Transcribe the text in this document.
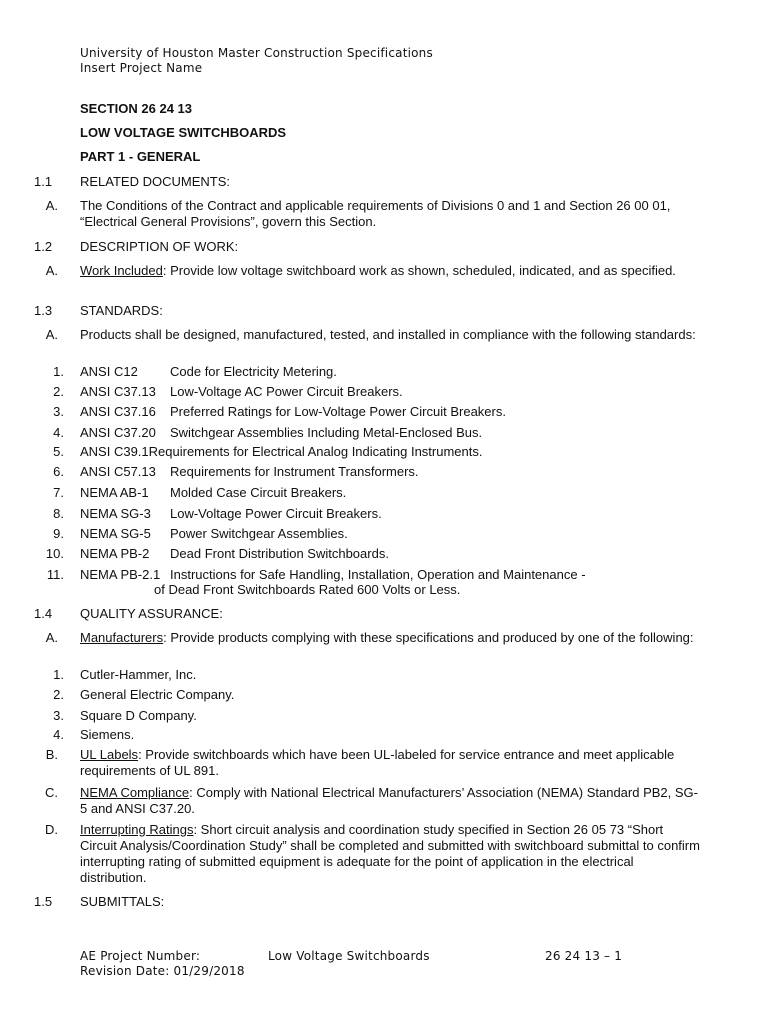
University of Houston Master Construction Specifications
Insert Project Name
SECTION 26 24 13
LOW VOLTAGE SWITCHBOARDS
PART 1 - GENERAL
1.1 RELATED DOCUMENTS:
A. The Conditions of the Contract and applicable requirements of Divisions 0 and 1 and Section 26 00 01, “Electrical General Provisions”, govern this Section.
1.2 DESCRIPTION OF WORK:
A. Work Included: Provide low voltage switchboard work as shown, scheduled, indicated, and as specified.
1.3 STANDARDS:
A. Products shall be designed, manufactured, tested, and installed in compliance with the following standards:
1. ANSI C12 Code for Electricity Metering.
2. ANSI C37.13 Low-Voltage AC Power Circuit Breakers.
3. ANSI C37.16 Preferred Ratings for Low-Voltage Power Circuit Breakers.
4. ANSI C37.20 Switchgear Assemblies Including Metal-Enclosed Bus.
5. ANSI C39.1Requirements for Electrical Analog Indicating Instruments.
6. ANSI C57.13 Requirements for Instrument Transformers.
7. NEMA AB-1 Molded Case Circuit Breakers.
8. NEMA SG-3 Low-Voltage Power Circuit Breakers.
9. NEMA SG-5 Power Switchgear Assemblies.
10. NEMA PB-2 Dead Front Distribution Switchboards.
11. NEMA PB-2.1 Instructions for Safe Handling, Installation, Operation and Maintenance -
of Dead Front Switchboards Rated 600 Volts or Less.
1.4 QUALITY ASSURANCE:
A. Manufacturers: Provide products complying with these specifications and produced by one of the following:
1. Cutler-Hammer, Inc.
2. General Electric Company.
3. Square D Company.
4. Siemens.
B. UL Labels: Provide switchboards which have been UL-labeled for service entrance and meet applicable requirements of UL 891.
C. NEMA Compliance: Comply with National Electrical Manufacturers’ Association (NEMA) Standard PB2, SG-5 and ANSI C37.20.
D. Interrupting Ratings: Short circuit analysis and coordination study specified in Section 26 05 73 “Short Circuit Analysis/Coordination Study” shall be completed and submitted with switchboard submittal to confirm interrupting rating of submitted equipment is adequate for the point of application in the electrical distribution.
1.5 SUBMITTALS:
AE Project Number:
Revision Date: 01/29/2018
Low Voltage Switchboards	26 24 13 – 1
